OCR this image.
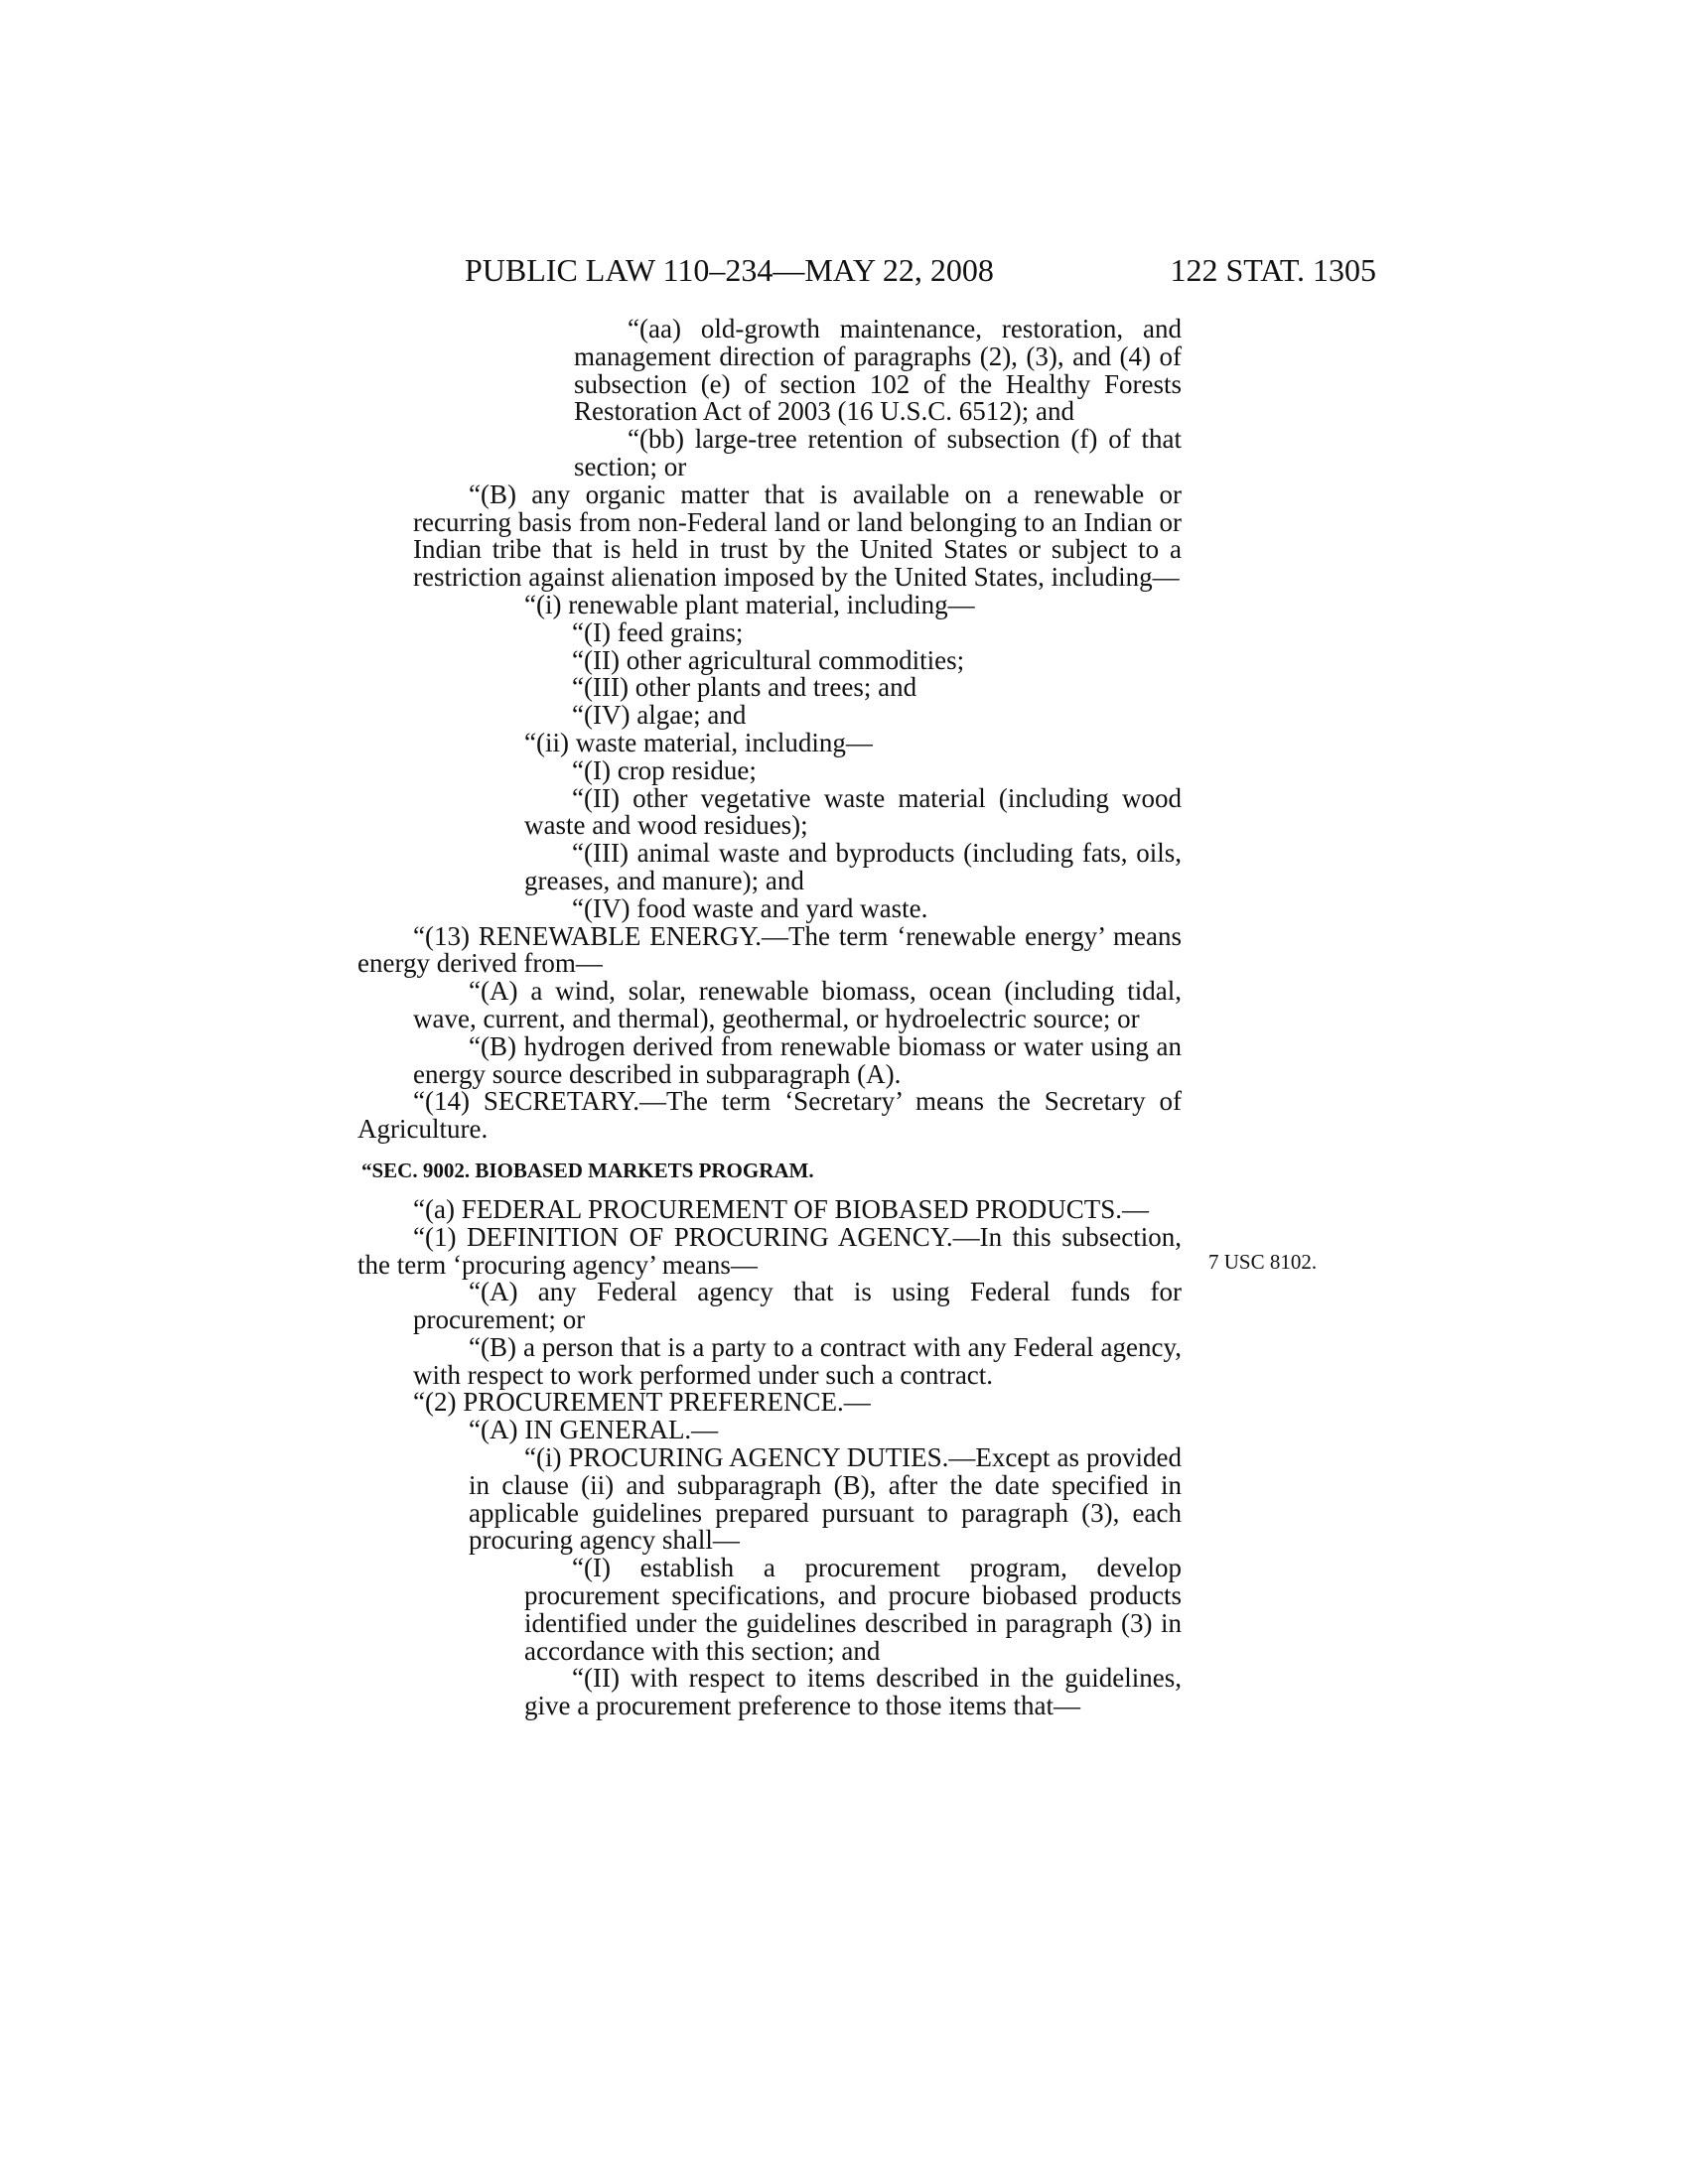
PUBLIC LAW 110–234—MAY 22, 2008	122 STAT. 1305
7 USC 8102.

“(aa) old-growth maintenance, restoration, and management direction of paragraphs (2), (3), and (4) of subsection (e) of section 102 of the Healthy Forests Restoration Act of 2003 (16 U.S.C. 6512); and

“(bb) large-tree retention of subsection (f) of that section; or

“(B) any organic matter that is available on a renewable or recurring basis from non-Federal land or land belonging to an Indian or Indian tribe that is held in trust by the United States or subject to a restriction against alienation imposed by the United States, including—

“(i) renewable plant material, including—

“(I) feed grains;

“(II) other agricultural commodities;

“(III) other plants and trees; and

“(IV) algae; and

“(ii) waste material, including—

“(I) crop residue;

“(II) other vegetative waste material (including wood waste and wood residues);

“(III) animal waste and byproducts (including fats, oils, greases, and manure); and

“(IV) food waste and yard waste.

“(13) RENEWABLE ENERGY.—The term ‘renewable energy’ means energy derived from—

“(A) a wind, solar, renewable biomass, ocean (including tidal, wave, current, and thermal), geothermal, or hydroelectric source; or

“(B) hydrogen derived from renewable biomass or water using an energy source described in subparagraph (A).

“(14) SECRETARY.—The term ‘Secretary’ means the Secretary of Agriculture.

“SEC. 9002. BIOBASED MARKETS PROGRAM.

“(a) FEDERAL PROCUREMENT OF BIOBASED PRODUCTS.—

“(1) DEFINITION OF PROCURING AGENCY.—In this subsection, the term ‘procuring agency’ means—

“(A) any Federal agency that is using Federal funds for procurement; or

“(B) a person that is a party to a contract with any Federal agency, with respect to work performed under such a contract.

“(2) PROCUREMENT PREFERENCE.—

“(A) IN GENERAL.—

“(i) PROCURING AGENCY DUTIES.—Except as provided in clause (ii) and subparagraph (B), after the date specified in applicable guidelines prepared pursuant to paragraph (3), each procuring agency shall—

“(I) establish a procurement program, develop procurement specifications, and procure biobased products identified under the guidelines described in paragraph (3) in accordance with this section; and

“(II) with respect to items described in the guidelines, give a procurement preference to those items that—
